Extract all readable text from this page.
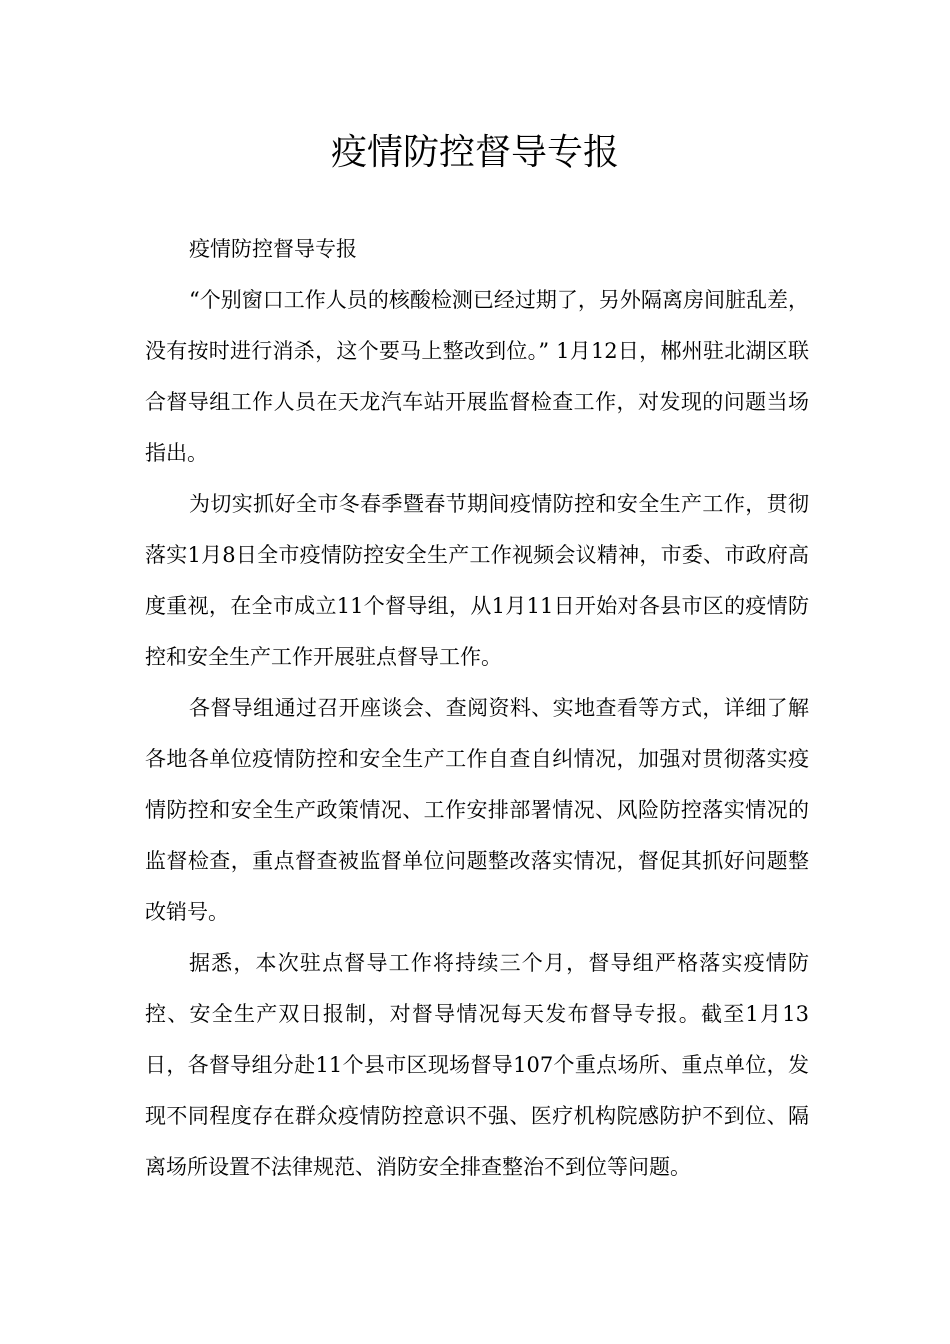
疫情防控督导专报

疫情防控督导专报

“个别窗口工作人员的核酸检测已经过期了，另外隔离房间脏乱差，没有按时进行消杀，这个要马上整改到位。” 1月12日，郴州驻北湖区联合督导组工作人员在天龙汽车站开展监督检查工作，对发现的问题当场指出。

为切实抓好全市冬春季暨春节期间疫情防控和安全生产工作，贯彻落实1月8日全市疫情防控安全生产工作视频会议精神，市委、市政府高度重视，在全市成立11个督导组，从1月11日开始对各县市区的疫情防控和安全生产工作开展驻点督导工作。

各督导组通过召开座谈会、查阅资料、实地查看等方式，详细了解各地各单位疫情防控和安全生产工作自查自纠情况，加强对贯彻落实疫情防控和安全生产政策情况、工作安排部署情况、风险防控落实情况的监督检查，重点督查被监督单位问题整改落实情况，督促其抓好问题整改销号。

据悉，本次驻点督导工作将持续三个月，督导组严格落实疫情防控、安全生产双日报制，对督导情况每天发布督导专报。截至1月13日，各督导组分赴11个县市区现场督导107个重点场所、重点单位，发现不同程度存在群众疫情防控意识不强、医疗机构院感防护不到位、隔离场所设置不法律规范、消防安全排查整治不到位等问题。
